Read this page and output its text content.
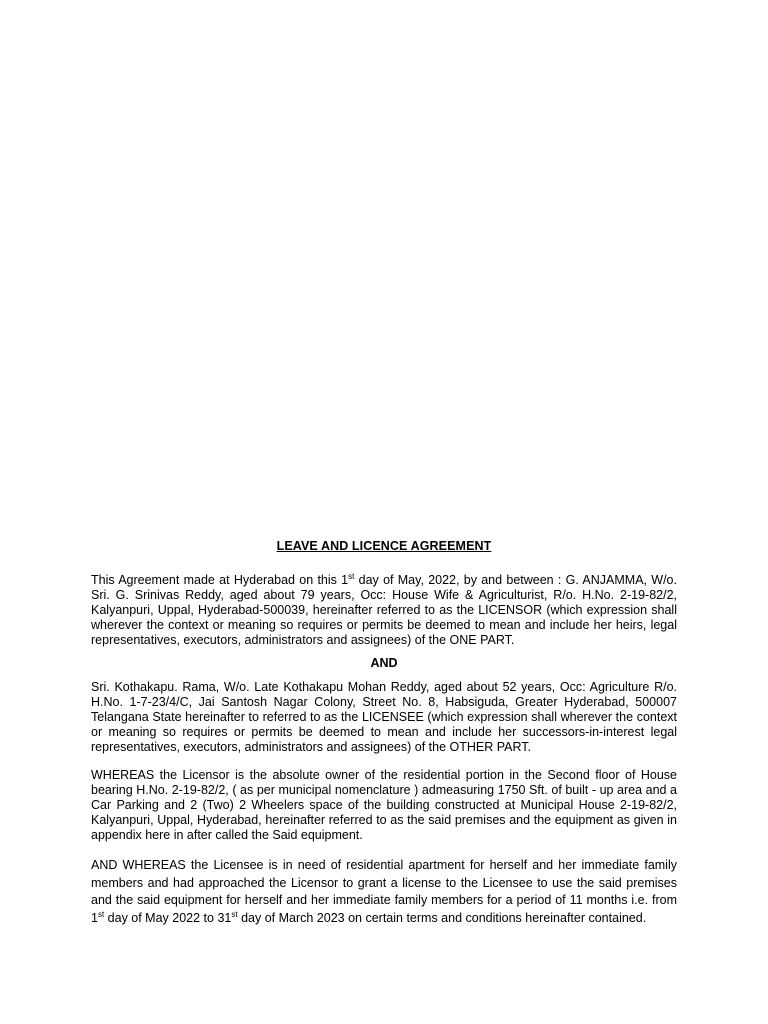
LEAVE AND LICENCE AGREEMENT

This Agreement made at Hyderabad on this 1st day of May, 2022, by and between : G. ANJAMMA, W/o. Sri. G. Srinivas Reddy, aged about 79 years, Occ: House Wife & Agriculturist, R/o. H.No. 2-19-82/2, Kalyanpuri, Uppal, Hyderabad-500039, hereinafter referred to as the LICENSOR (which expression shall wherever the context or meaning so requires or permits be deemed to mean and include her heirs, legal representatives, executors, administrators and assignees) of the ONE PART.

AND

Sri. Kothakapu. Rama, W/o. Late Kothakapu Mohan Reddy, aged about 52 years, Occ: Agriculture R/o. H.No. 1-7-23/4/C, Jai Santosh Nagar Colony, Street No. 8, Habsiguda, Greater Hyderabad, 500007 Telangana State hereinafter to referred to as the LICENSEE (which expression shall wherever the context or meaning so requires or permits be deemed to mean and include her successors-in-interest legal representatives, executors, administrators and assignees) of the OTHER PART.

WHEREAS the Licensor is the absolute owner of the residential portion in the Second floor of House bearing H.No. 2-19-82/2, ( as per municipal nomenclature ) admeasuring 1750 Sft. of built - up area and a Car Parking and 2 (Two) 2 Wheelers space of the building constructed at Municipal House 2-19-82/2, Kalyanpuri, Uppal, Hyderabad, hereinafter referred to as the said premises and the equipment as given in appendix here in after called the Said equipment.

AND WHEREAS the Licensee is in need of residential apartment for herself and her immediate family members and had approached the Licensor to grant a license to the Licensee to use the said premises and the said equipment for herself and her immediate family members for a period of 11 months i.e. from 1st day of May 2022 to 31st day of March 2023 on certain terms and conditions hereinafter contained.
